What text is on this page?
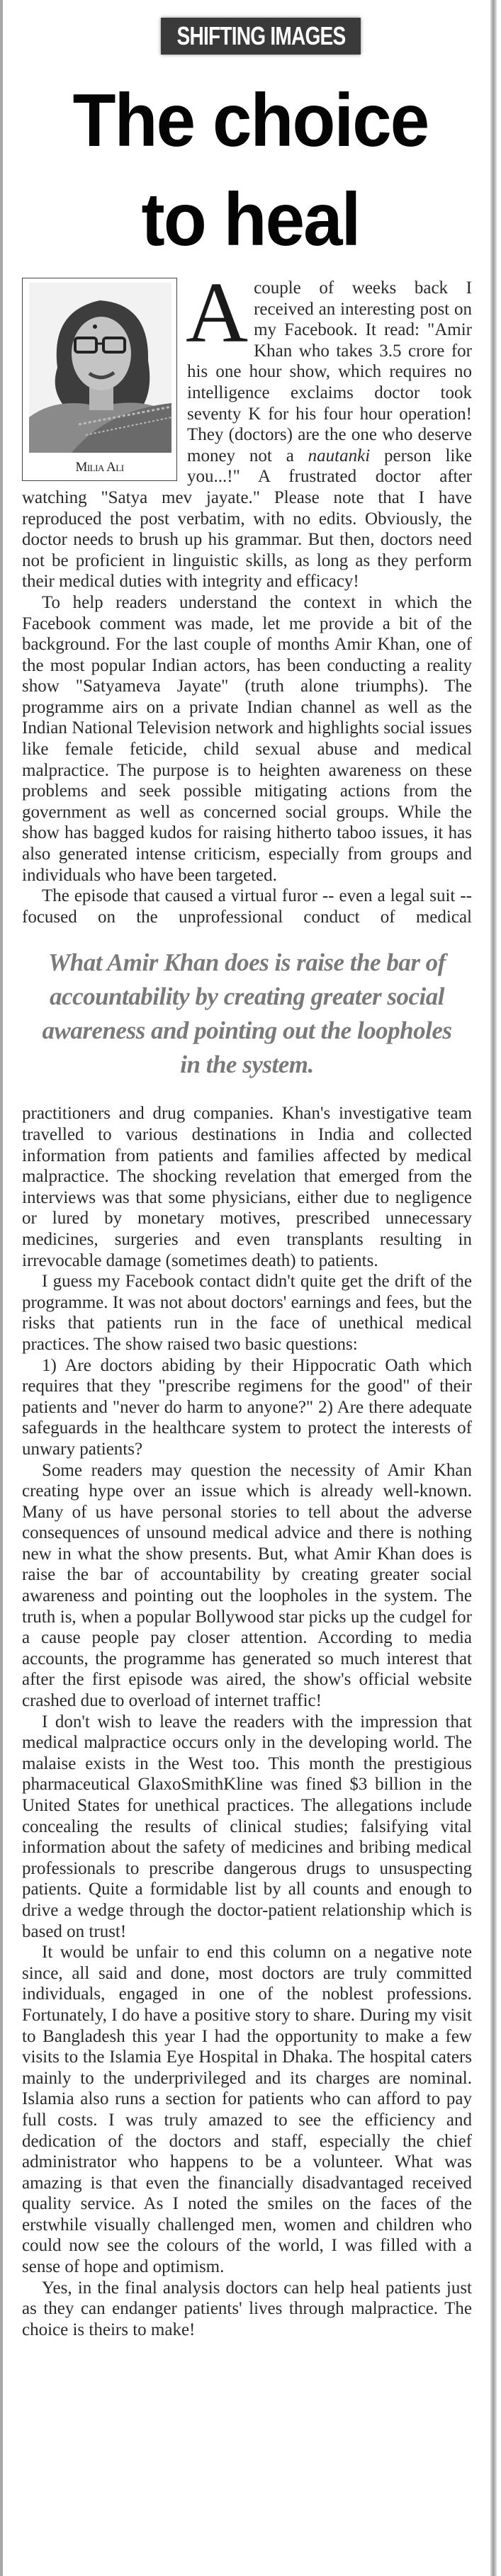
SHIFTING IMAGES
The choice
to heal
Milia Ali
A couple of weeks back I received an interesting post on my Facebook. It read: "Amir Khan who takes 3.5 crore for his one hour show, which requires no intelligence exclaims doctor took seventy K for his four hour operation! They (doctors) are the one who deserve money not a nautanki person like you...!" A frustrated doctor after watching "Satya mev jayate." Please note that I have reproduced the post verbatim, with no edits. Obviously, the doctor needs to brush up his grammar. But then, doctors need not be proficient in linguistic skills, as long as they perform their medical duties with integrity and efficacy!

To help readers understand the context in which the Facebook comment was made, let me provide a bit of the background. For the last couple of months Amir Khan, one of the most popular Indian actors, has been conducting a reality show "Satyameva Jayate" (truth alone triumphs). The programme airs on a private Indian channel as well as the Indian National Television network and highlights social issues like female feticide, child sexual abuse and medical malpractice. The purpose is to heighten awareness on these problems and seek possible mitigating actions from the government as well as concerned social groups. While the show has bagged kudos for raising hitherto taboo issues, it has also generated intense criticism, especially from groups and individuals who have been targeted.

The episode that caused a virtual furor -- even a legal suit -- focused on the unprofessional conduct of medical

What Amir Khan does is raise the bar of accountability by creating greater social awareness and pointing out the loopholes in the system.

practitioners and drug companies. Khan's investigative team travelled to various destinations in India and collected information from patients and families affected by medical malpractice. The shocking revelation that emerged from the interviews was that some physicians, either due to negligence or lured by monetary motives, prescribed unnecessary medicines, surgeries and even transplants resulting in irrevocable damage (sometimes death) to patients.

I guess my Facebook contact didn't quite get the drift of the programme. It was not about doctors' earnings and fees, but the risks that patients run in the face of unethical medical practices. The show raised two basic questions:

1) Are doctors abiding by their Hippocratic Oath which requires that they "prescribe regimens for the good" of their patients and "never do harm to anyone?" 2) Are there adequate safeguards in the healthcare system to protect the interests of unwary patients?

Some readers may question the necessity of Amir Khan creating hype over an issue which is already well-known. Many of us have personal stories to tell about the adverse consequences of unsound medical advice and there is nothing new in what the show presents. But, what Amir Khan does is raise the bar of accountability by creating greater social awareness and pointing out the loopholes in the system. The truth is, when a popular Bollywood star picks up the cudgel for a cause people pay closer attention. According to media accounts, the programme has generated so much interest that after the first episode was aired, the show's official website crashed due to overload of internet traffic!

I don't wish to leave the readers with the impression that medical malpractice occurs only in the developing world. The malaise exists in the West too. This month the prestigious pharmaceutical GlaxoSmithKline was fined $3 billion in the United States for unethical practices. The allegations include concealing the results of clinical studies; falsifying vital information about the safety of medicines and bribing medical professionals to prescribe dangerous drugs to unsuspecting patients. Quite a formidable list by all counts and enough to drive a wedge through the doctor-patient relationship which is based on trust!

It would be unfair to end this column on a negative note since, all said and done, most doctors are truly committed individuals, engaged in one of the noblest professions. Fortunately, I do have a positive story to share. During my visit to Bangladesh this year I had the opportunity to make a few visits to the Islamia Eye Hospital in Dhaka. The hospital caters mainly to the underprivileged and its charges are nominal. Islamia also runs a section for patients who can afford to pay full costs. I was truly amazed to see the efficiency and dedication of the doctors and staff, especially the chief administrator who happens to be a volunteer. What was amazing is that even the financially disadvantaged received quality service. As I noted the smiles on the faces of the erstwhile visually challenged men, women and children who could now see the colours of the world, I was filled with a sense of hope and optimism.

Yes, in the final analysis doctors can help heal patients just as they can endanger patients' lives through malpractice. The choice is theirs to make!
